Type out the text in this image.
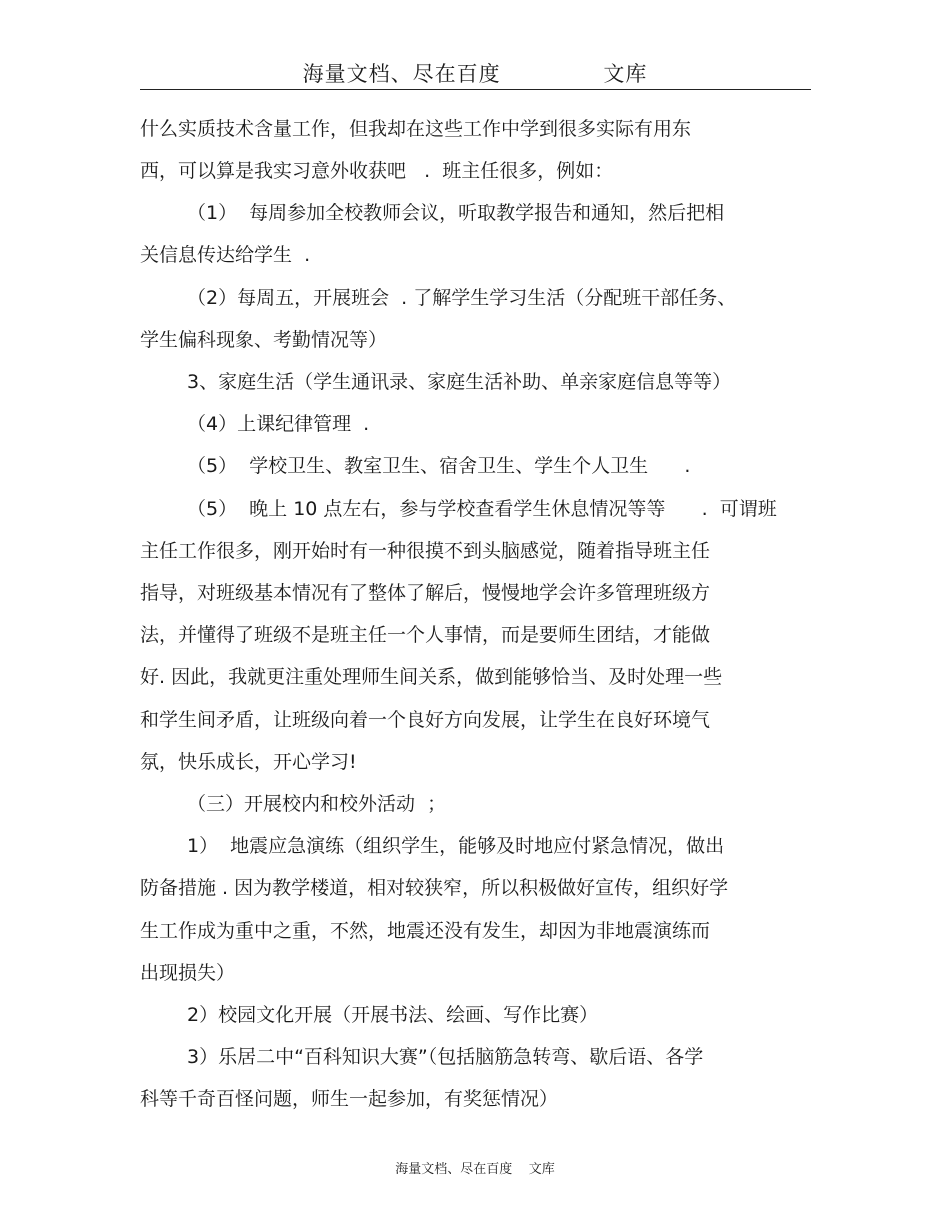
海量文档、尽在百度    文库
什么实质技术含量工作，但我却在这些工作中学到很多实际有用东
西，可以算是我实习意外收获吧   .  班主任很多，例如：
（1）  每周参加全校教师会议，听取教学报告和通知，然后把相
关信息传达给学生  .
（2）每周五，开展班会  . 了解学生学习生活（分配班干部任务、
学生偏科现象、考勤情况等）
3、家庭生活（学生通讯录、家庭生活补助、单亲家庭信息等等）
（4）上课纪律管理  .
（5）  学校卫生、教室卫生、宿舍卫生、学生个人卫生      .
（5）  晚上 10 点左右，参与学校查看学生休息情况等等      .  可谓班
主任工作很多，刚开始时有一种很摸不到头脑感觉，随着指导班主任
指导，对班级基本情况有了整体了解后，慢慢地学会许多管理班级方
法，并懂得了班级不是班主任一个人事情，而是要师生团结，才能做
好. 因此，我就更注重处理师生间关系，做到能够恰当、及时处理一些
和学生间矛盾，让班级向着一个良好方向发展，让学生在良好环境气
氛，快乐成长，开心学习!
（三）开展校内和校外活动  ；
1）  地震应急演练（组织学生，能够及时地应付紧急情况，做出
防备措施 . 因为教学楼道，相对较狭窄，所以积极做好宣传，组织好学
生工作成为重中之重，不然，地震还没有发生，却因为非地震演练而
出现损失）
2）校园文化开展（开展书法、绘画、写作比赛）
3）乐居二中“百科知识大赛”（包括脑筋急转弯、歇后语、各学
科等千奇百怪问题，师生一起参加，有奖惩情况）
海量文档、尽在百度    文库
